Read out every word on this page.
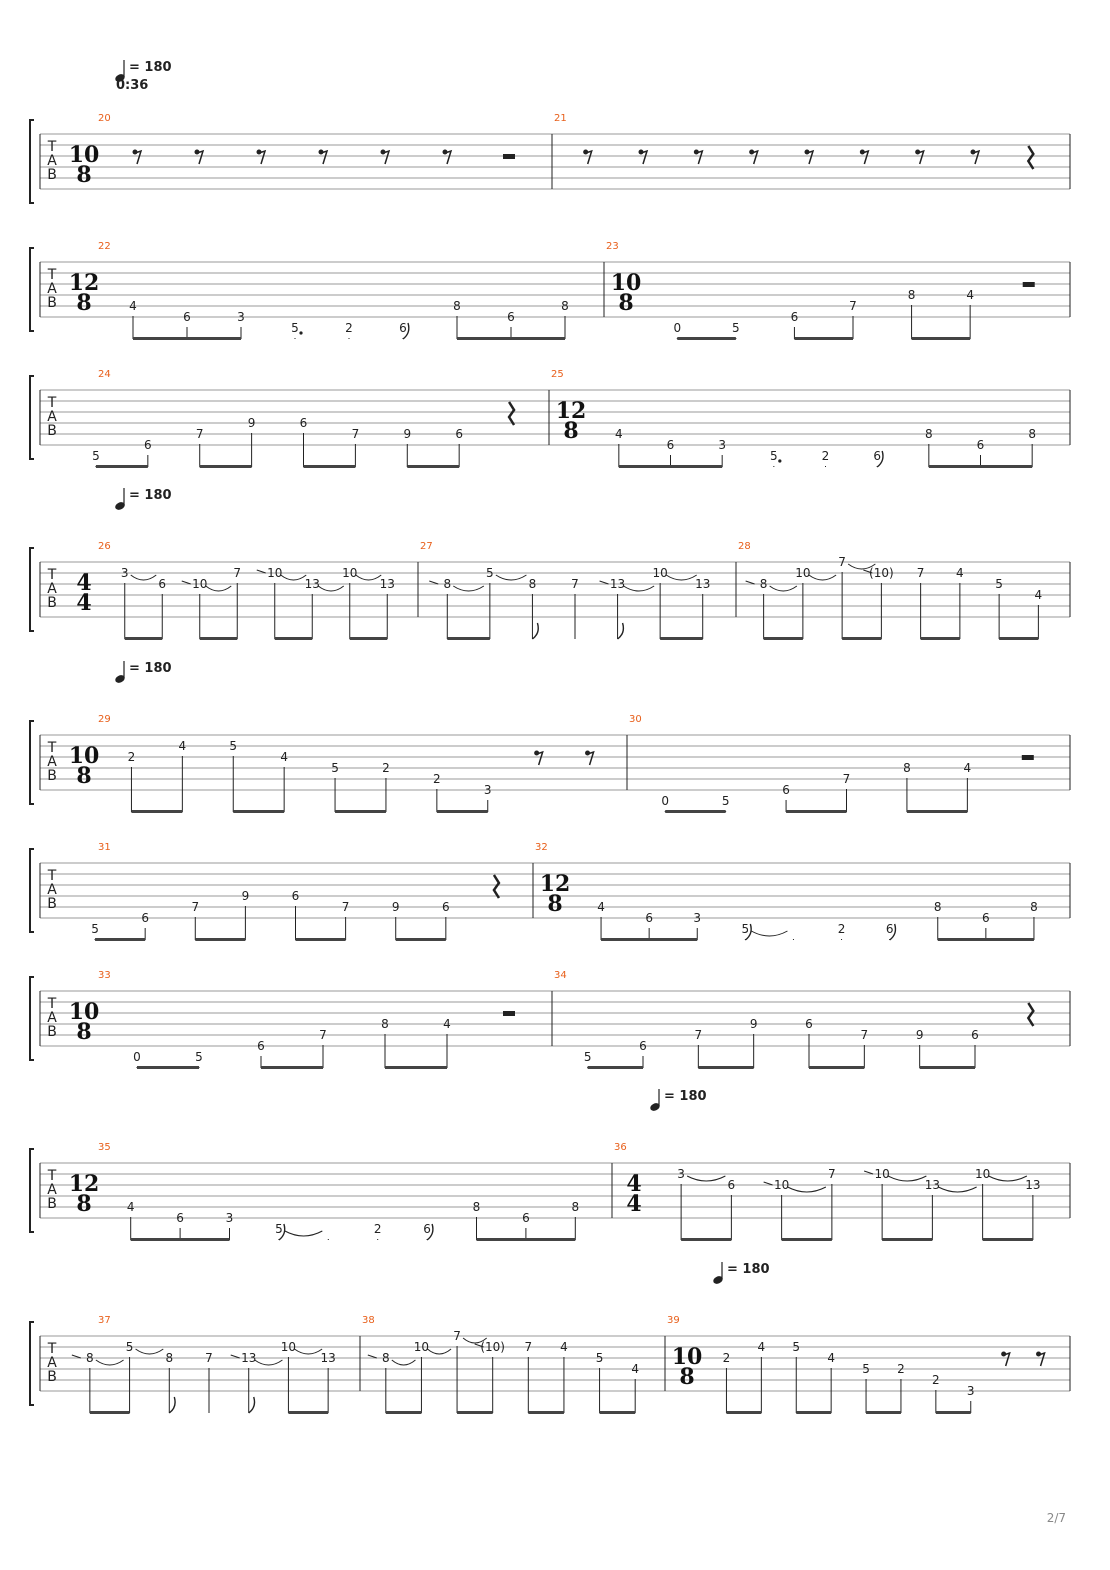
T
A
B
= 180
0:36
20
10
8
21
T
A
B
22
12
8	4
6	3
5	2	6
8
6
8
23
10
8
0	5
6
7
8	4
T
A
B
24
5
6
7
9	6
7	9	6
25
12
8	4
6	3
5	2	6
8
6
8
T
A
B
= 180
26
4
4
3
6 10
7 10
13
10
13
27
8
5
8	7	13
10
13
28
8
10
7
(10) 7	4
5
4
T
A
B
= 180
29
10
8
2
4	5
4
5	2
2
3
30
0	5
6
7
8	4
T
A
B
31
5
6
7
9	6
7	9	6
32
12
8	4
6	3
5	2	6
8
6
8
T
A
B
33
10
8
0	5
6
7
8	4
34
5
6
7
9	6
7	9	6
T
A
B
= 180
35
12
8	4
6	3
5	2	6
8
6
8
36
4
4
3
6	10
7	10
13
10
13
T
A
B
= 180
37
8
5
8	7 13
10
13
38
8
10
7
(10) 7 4
5
4
39
10
8
2
4 5
4
5 2
2
3
2/7
